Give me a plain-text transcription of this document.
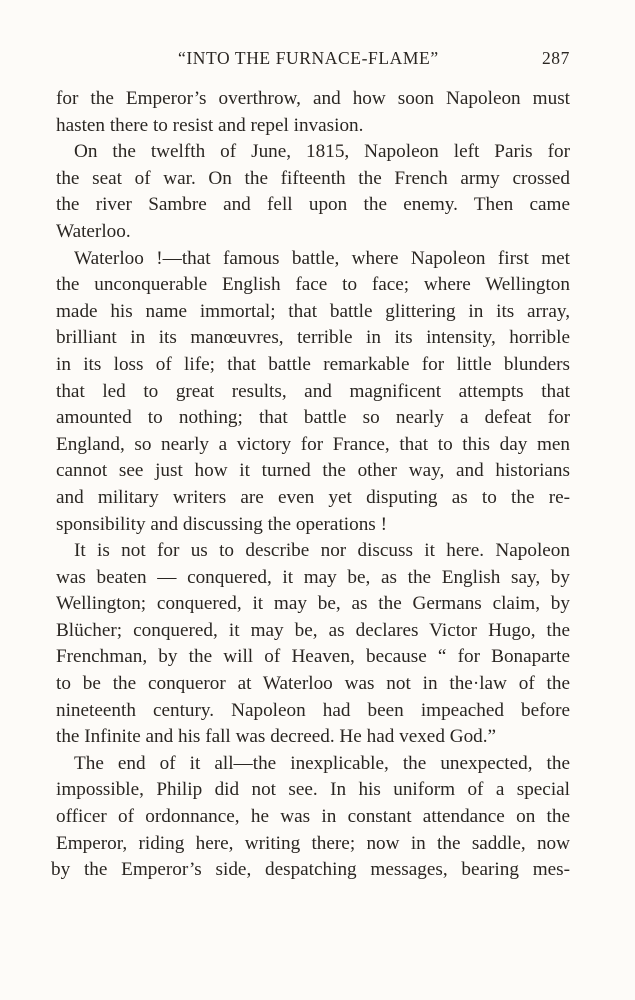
“INTO THE FURNACE-FLAME”	287
for the Emperor’s overthrow, and how soon Napoleon must
hasten there to resist and repel invasion.
On the twelfth of June, 1815, Napoleon left Paris for
the seat of war. On the fifteenth the French army crossed
the river Sambre and fell upon the enemy. Then came
Waterloo.
Waterloo !—that famous battle, where Napoleon first met
the unconquerable English face to face; where Wellington
made his name immortal; that battle glittering in its array,
brilliant in its manœuvres, terrible in its intensity, horrible
in its loss of life; that battle remarkable for little blunders
that led to great results, and magnificent attempts that
amounted to nothing; that battle so nearly a defeat for
England, so nearly a victory for France, that to this day men
cannot see just how it turned the other way, and historians
and military writers are even yet disputing as to the re-
sponsibility and discussing the operations !
It is not for us to describe nor discuss it here. Napoleon
was beaten — conquered, it may be, as the English say, by
Wellington; conquered, it may be, as the Germans claim, by
Blücher; conquered, it may be, as declares Victor Hugo, the
Frenchman, by the will of Heaven, because “ for Bonaparte
to be the conqueror at Waterloo was not in the·law of the
nineteenth century. Napoleon had been impeached before
the Infinite and his fall was decreed. He had vexed God.”
The end of it all—the inexplicable, the unexpected, the
impossible, Philip did not see. In his uniform of a special
officer of ordonnance, he was in constant attendance on the
Emperor, riding here, writing there; now in the saddle, now
by the Emperor’s side, despatching messages, bearing mes-
